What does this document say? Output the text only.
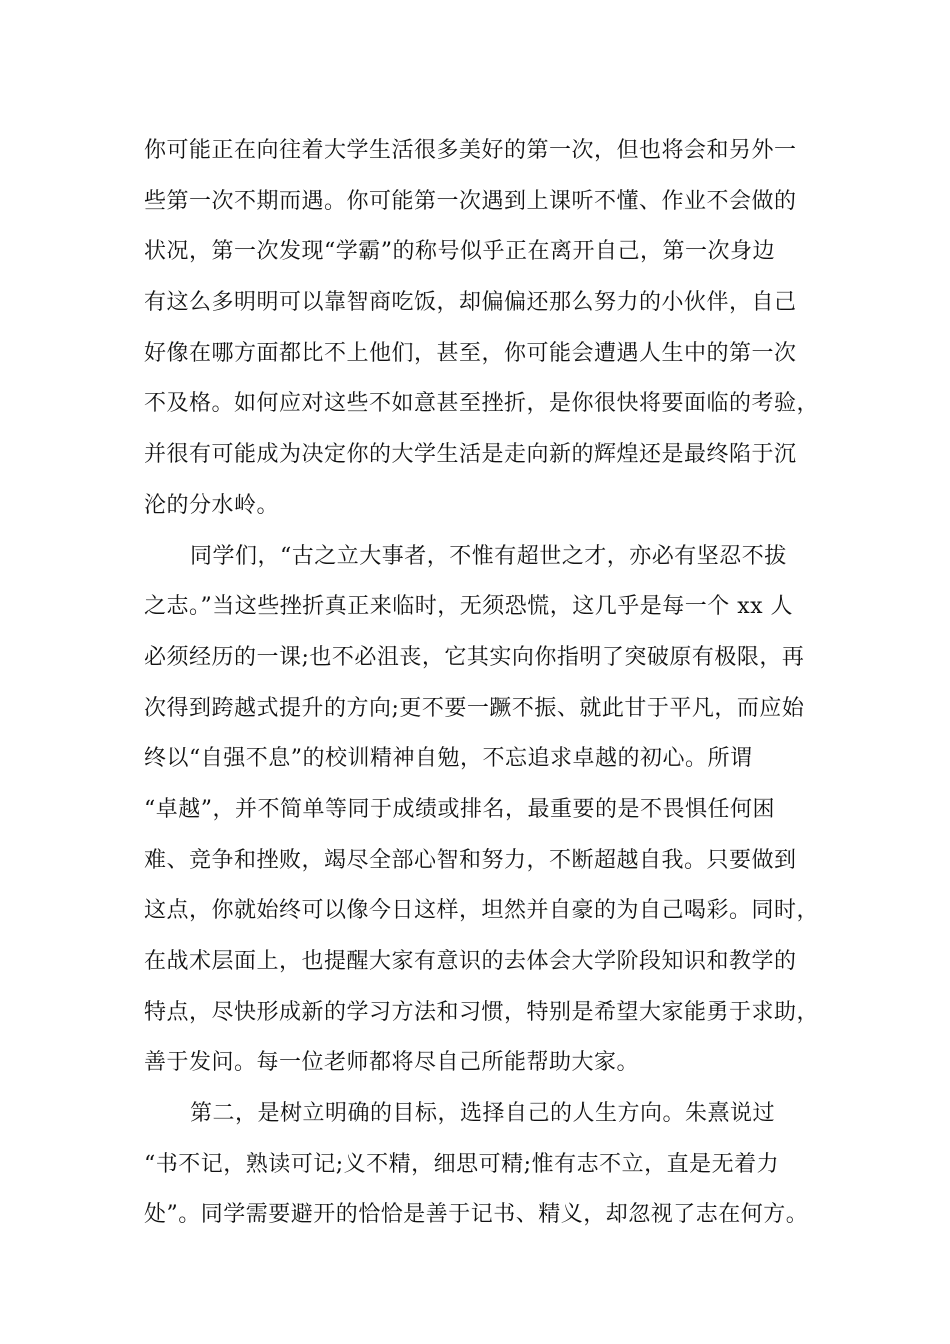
你可能正在向往着大学生活很多美好的第一次，但也将会和另外一
些第一次不期而遇。你可能第一次遇到上课听不懂、作业不会做的
状况，第一次发现“学霸”的称号似乎正在离开自己，第一次身边
有这么多明明可以靠智商吃饭，却偏偏还那么努力的小伙伴，自己
好像在哪方面都比不上他们，甚至，你可能会遭遇人生中的第一次
不及格。如何应对这些不如意甚至挫折，是你很快将要面临的考验，
并很有可能成为决定你的大学生活是走向新的辉煌还是最终陷于沉
沦的分水岭。
同学们，“古之立大事者，不惟有超世之才，亦必有坚忍不拔
之志。”当这些挫折真正来临时，无须恐慌，这几乎是每一个 xx 人
必须经历的一课;也不必沮丧，它其实向你指明了突破原有极限，再
次得到跨越式提升的方向;更不要一蹶不振、就此甘于平凡，而应始
终以“自强不息”的校训精神自勉，不忘追求卓越的初心。所谓
“卓越”，并不简单等同于成绩或排名，最重要的是不畏惧任何困
难、竞争和挫败，竭尽全部心智和努力，不断超越自我。只要做到
这点，你就始终可以像今日这样，坦然并自豪的为自己喝彩。同时，
在战术层面上，也提醒大家有意识的去体会大学阶段知识和教学的
特点，尽快形成新的学习方法和习惯，特别是希望大家能勇于求助，
善于发问。每一位老师都将尽自己所能帮助大家。
第二，是树立明确的目标，选择自己的人生方向。朱熹说过
“书不记，熟读可记;义不精，细思可精;惟有志不立，直是无着力
处”。同学需要避开的恰恰是善于记书、精义，却忽视了志在何方。
